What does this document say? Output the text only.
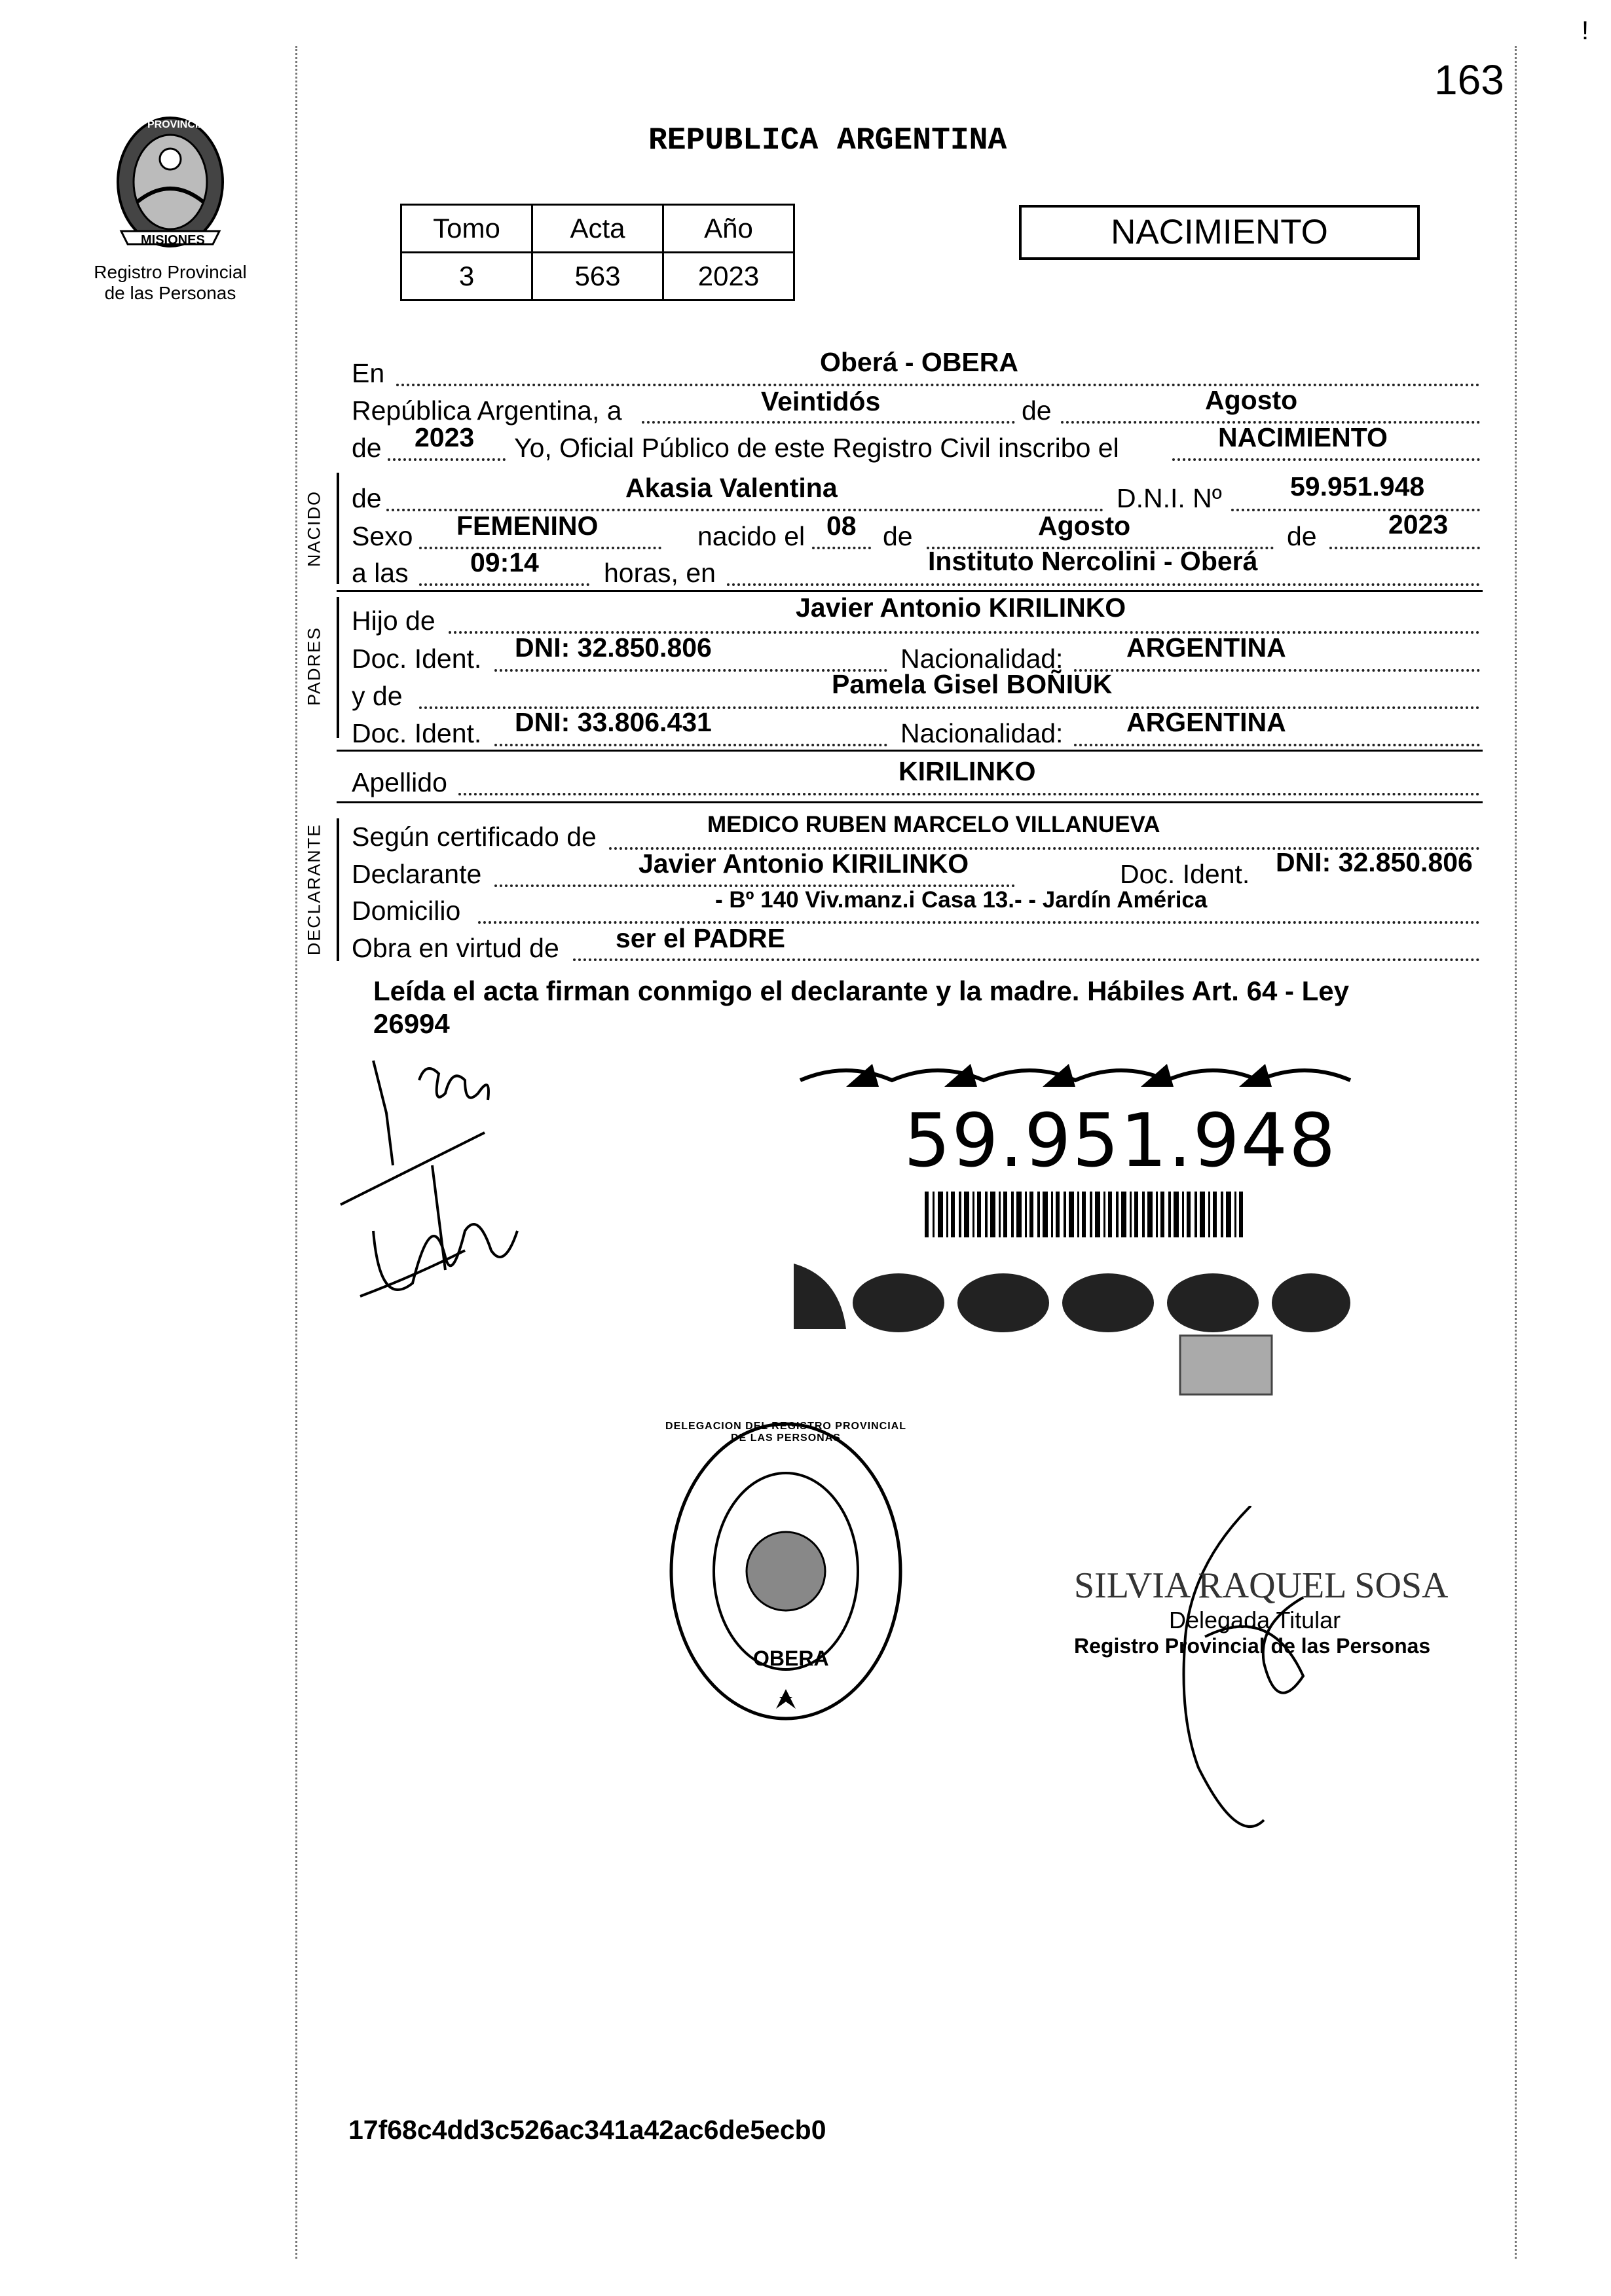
163
!
PROVINCIA DE
MISIONES
Registro Provincial
de las Personas
REPUBLICA ARGENTINA
Tomo	Acta	Año
3	563	2023
NACIMIENTO
En	Oberá - OBERA
República Argentina, a	Veintidós	de	Agosto
de 2023 Yo, Oficial Público de este Registro Civil inscribo el	NACIMIENTO
NACIDO de	Akasia Valentina	D.N.I. Nº	59.951.948
Sexo FEMENINO	nacido el 08 de	Agosto	de	2023
a las 09:14 horas, en	Instituto Nercolini - Oberá
PADRES
Hijo de	Javier Antonio KIRILINKO
Doc. Ident. DNI: 32.850.806	Nacionalidad: ARGENTINA
y de	Pamela Gisel BOÑIUK
Doc. Ident. DNI: 33.806.431	Nacionalidad: ARGENTINA
Apellido	KIRILINKO
DECLARANTE Según certificado de	MEDICO RUBEN MARCELO VILLANUEVA
Declarante	Javier Antonio KIRILINKO	Doc. Ident. DNI: 32.850.806
Domicilio	- Bº 140 Viv.manz.i Casa 13.- - Jardín América
Obra en virtud de ser el PADRE
Leída el acta firman conmigo el declarante y la madre. Hábiles Art. 64 - Ley
26994
59.951.948
DELEGACION DEL REGISTRO PROVINCIAL DE LAS PERSONAS
OBERA
SILVIA RAQUEL SOSA
Delegada Titular
Registro Provincial de las Personas
17f68c4dd3c526ac341a42ac6de5ecb0
